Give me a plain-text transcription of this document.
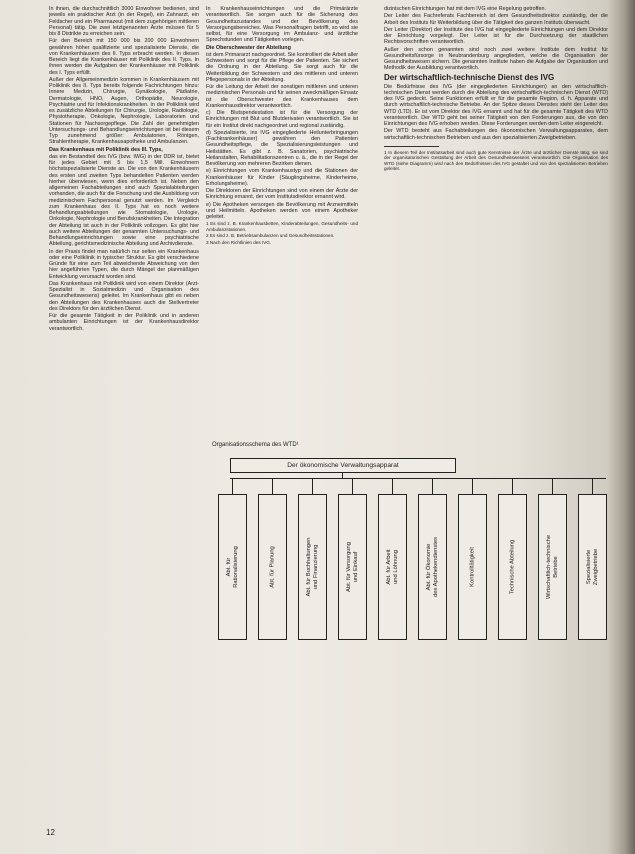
In ihnen, die durchschnittlich 3000 Einwohner bedienen, sind jeweils ein praktischer Arzt (in der Regel), ein Zahnarzt, ein Feldscher und ein Pharmazeut (mit dem zugehörigen mittleren Personal) tätig. Die zwei letztgenannten Ärzte müssen für 5 bis 8 Distrikte zu erreichen sein.

Für den Bereich mit 150 000 bis 200 000 Einwohnern gewähren höher qualifizierte und spezialisierte Dienste, die von Krankenhäusern des II. Typs erbracht werden. In diesen Bereich liegt die Krankenhäuser mit Poliklinik des II. Typs. In ihnen werden die Aufgaben der Krankenhäuser mit Poliklinik des I. Typs erfüllt.

Außer der Allgemeinmedizin kommen in Krankenhäusern mit Poliklinik des II. Typs bereits folgende Fachrichtungen hinzu: Innere Medizin, Chirurgie, Gynäkologie, Pädiatrie, Dermatologie, HNO, Augen, Orthopädie, Neurologie, Psychiatrie und für Infektionskrankheiten. In der Poliklinik wird es zusätzliche Abteilungen für Chirurgie, Urologie, Radiologie, Physiotherapie, Onkologie, Nephrologie, Laboratorien und Stationen für Nachsorgepflege. Die Zahl der genehmigten Untersuchungs- und Behandlungseinrichtungen ist bei diesem Typ zunehmend größer: Ambulatorien, Röntgen, Strahlentherapie, Krankenhausapotheke und Ambulanzen.

Das Krankenhaus mit Poliklinik des III. Typs,

das ein Bestandteil des IVG (bzw. IWG) in der DDR ist, bietet für jedes Gebiet mit 5 bis 1,5 Mill. Einwohnern höchstspezialisierte Dienste an. Die von den Krankenhäusern des ersten und zweiten Typs behandelten Patienten werden hierher überwiesen, wenn dies erforderlich ist. Neben den allgemeinen Fachabteilungen sind auch Spezialabteilungen vorhanden, die auch für die Forschung und die Ausbildung von medizinischem Fachpersonal genutzt werden. Im Vergleich zum Krankenhaus des II. Typs hat es noch weitere Behandlungsabteilungen wie Stomatologie, Urologie, Onkologie, Nephrologie und Berufskrankheiten. Die Integration der Abteilung ist auch in der Poliklinik vollzogen. Es gibt hier auch weitere Abteilungen der genannten Untersuchungs- und Behandlungseinrichtungen sowie eine psychiatrische Abteilung, gerichtsmedizinische Abteilung und Archivdienste.

In der Praxis findet man natürlich nur selten ein Krankenhaus oder eine Poliklinik in typischer Struktur. Es gibt verschiedene Gründe für eine zum Teil abweichende Abweichung von den hier angeführten Typen, die durch Mängel der planmäßigen Entwicklung verursacht worden sind.

Das Krankenhaus mit Poliklinik wird von einem Direktor (Arzt-Spezialist in Sozialmedizin und Organisation des Gesundheitswesens) geleitet. Im Krankenhaus gibt es neben den Abteilungen des Krankenhauses auch die Stellvertreter des Direktors für den ärztlichen Dienst.

Für die gesamte Tätigkeit in der Poliklinik und in anderen ambulanten Einrichtungen ist der Krankenhausdirektor verantwortlich.

In Krankenhauseinrichtungen und die Primärärzte verantwortlich. Sie sorgen auch für die Sicherung des Gesundheitszustandes und der Bevölkerung des Versorgungsbereiches. Was Personalfragen betrifft, so wird sie selbst, für eine Versorgung im Ambulanz- und ärztliche Sprechstunden und Tätigkeiten vorlegen.

Die Oberschwester der Abteilung

ist dem Primararzt nachgeordnet. Sie kontrolliert die Arbeit aller Schwestern und sorgt für die Pflege der Patienten. Sie sichert die Ordnung in der Abteilung. Sie sorgt auch für die Weiterbildung der Schwestern und des mittleren und unteren Pflegepersonals in der Abteilung.

Für die Leitung der Arbeit der sonstigen mittleren und unteren medizinischen Personals und für seinen zweckmäßigen Einsatz ist die Oberschwester des Krankenhauses dem Krankenhausdirektor verantwortlich.

c) Die Blutspendestation ist für die Versorgung der Einrichtungen mit Blut und Blutderivaten verantwortlich. Sie ist für ein Institut direkt nachgeordnet und regional zuständig.

d) Spezialisierte, ins IVG eingegliederte Heilunterbringungen (Fachkrankenhäuser) gewähren den Patienten Gesundheitspflege, die Spezialisierungsleistungen und Heilstätten. Es gibt z. B. Sanatorien, psychiatrische Heilanstalten, Rehabilitationszentren u. ä., die in der Regel der Bevölkerung von mehreren Bezirken dienen.

e) Einrichtungen vom Krankenhaustyp und die Stationen der Krankenhäuser für Kinder (Säuglingsheime, Kinderheime, Erholungsheime).

Die Direktoren der Einrichtungen sind von einem der Ärzte der Einrichtung ernannt, der vom Institutsdirektor ernannt wird.

e) Die Apotheken versorgen die Bevölkerung mit Arzneimitteln und Heilmitteln. Apotheken werden von einem Apotheker geleitet.

1 Es sind z. B. Krankenhausbetten, Kinderabteilungen, Gesundheits- und Ambulanzstationen.

2 Es sind z. B. Betriebsambulanzen und Gesundheitsstationen.

3 Nach den Richtlinien des IVG.

dizinischen Einrichtungen hat mit dem IVG eine Regelung getroffen.

Der Leiter des Fachreferats Fachbereich ist dem Gesundheitsdirektor zuständig, der die Arbeit des Instituts für Weiterbildung über die Tätigkeit des ganzen Instituts überwacht.

Der Leiter (Direktor) der Institute des IVG hat eingegliederte Einrichtungen und dem Direktor der Einrichtung vorgelegt. Der Leiter ist für die Durchsetzung der staatlichen Rechtsvorschriften verantwortlich.

Außer den schon genannten sind noch zwei weitere Institute dem Institut für Gesundheitsfürsorge in Neubrandenburg angegliedert, welche die Organisation der Gesundheitswesen sichern. Die genannten Institute haben die Aufgabe der Organisation und Methodik der Ausbildung verantwortlich.

Der wirtschaftlich-technische Dienst des IVG

Die Bedürfnisse des IVG (der eingegliederten Einrichtungen) an den wirtschaftlich-technischen Dienst werden durch die Abteilung des wirtschaftlich-technischen Dienst (WTD) des IVG gedeckt. Seine Funktionen erfüllt er für die gesamte Region, d. h. Apparate und durch wirtschaftlich-technische Betriebe. An der Spitze dieses Dienstes steht der Leiter des WTD (LTD). Er ist vom Direktor des IVG ernannt und hat für die gesamte Tätigkeit des WTD verantwortlich. Der WTD geht bei seiner Tätigkeit von den Forderungen aus, die von den Einrichtungen des IVG erhoben werden. Diese Forderungen werden dem Leiter eingereicht.

Der WTD besteht aus Fachabteilungen des ökonomischen Verwaltungsapparates, dem wirtschaftlich-technischen Betrieben und aus den spezialisierten Zweigbetrieben.

1 In diesem Teil der Institutsarbeit sind auch gute Kenntnisse der Ärzte und ärztlicher Dienste tätig; sie sind der organisatorischen Gestaltung der Arbeit des Gesundheitswesens verantwortlich. Die Organisation des WTD (siehe Diagramm) wird nach den Bedürfnissen des IVG gestaltet und von den spezialisierten Betrieben geleitet.

Organisationsschema des WTD¹
Der ökonomische Verwaltungsapparat
Abt. für
Rationalisierung	Abt. für Planung	Abt. für Buchhaltungen
und Finanzierung	Abt. für Versorgung
und Einkauf	Abt. für Arbeit
und Löhnung	Abt. für Ökonomie
des Apothekendienstes	Kontrolltätigkeit	Technische Abteilung	Wirtschaftlich-technische
Betriebe	Spezialisierte
Zweigbetriebe
12
